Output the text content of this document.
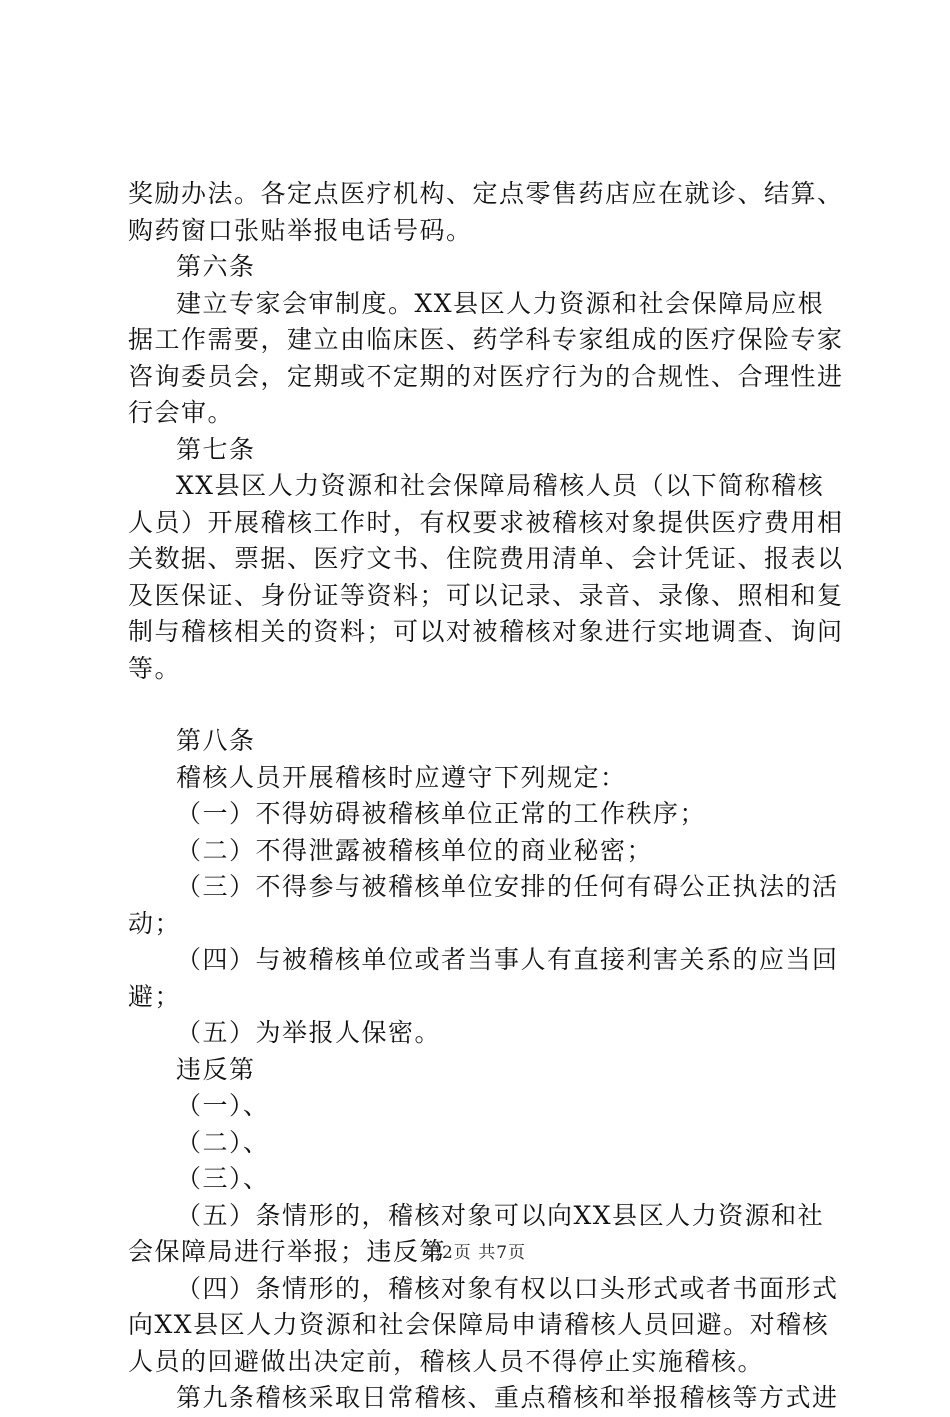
奖励办法。各定点医疗机构、定点零售药店应在就诊、结算、购药窗口张贴举报电话号码。

第六条

建立专家会审制度。XX县区人力资源和社会保障局应根据工作需要，建立由临床医、药学科专家组成的医疗保险专家咨询委员会，定期或不定期的对医疗行为的合规性、合理性进行会审。

第七条

XX县区人力资源和社会保障局稽核人员（以下简称稽核人员）开展稽核工作时，有权要求被稽核对象提供医疗费用相关数据、票据、医疗文书、住院费用清单、会计凭证、报表以及医保证、身份证等资料；可以记录、录音、录像、照相和复制与稽核相关的资料；可以对被稽核对象进行实地调查、询问等。

第八条

稽核人员开展稽核时应遵守下列规定：

（一）不得妨碍被稽核单位正常的工作秩序；

（二）不得泄露被稽核单位的商业秘密；

（三）不得参与被稽核单位安排的任何有碍公正执法的活动；

（四）与被稽核单位或者当事人有直接利害关系的应当回避；

（五）为举报人保密。

违反第

（一）、

（二）、

（三）、

（五）条情形的，稽核对象可以向XX县区人力资源和社会保障局进行举报；违反第

（四）条情形的，稽核对象有权以口头形式或者书面形式向XX县区人力资源和社会保障局申请稽核人员回避。对稽核人员的回避做出决定前，稽核人员不得停止实施稽核。

第九条稽核采取日常稽核、重点稽核和举报稽核等方式进

第2页 共7页
